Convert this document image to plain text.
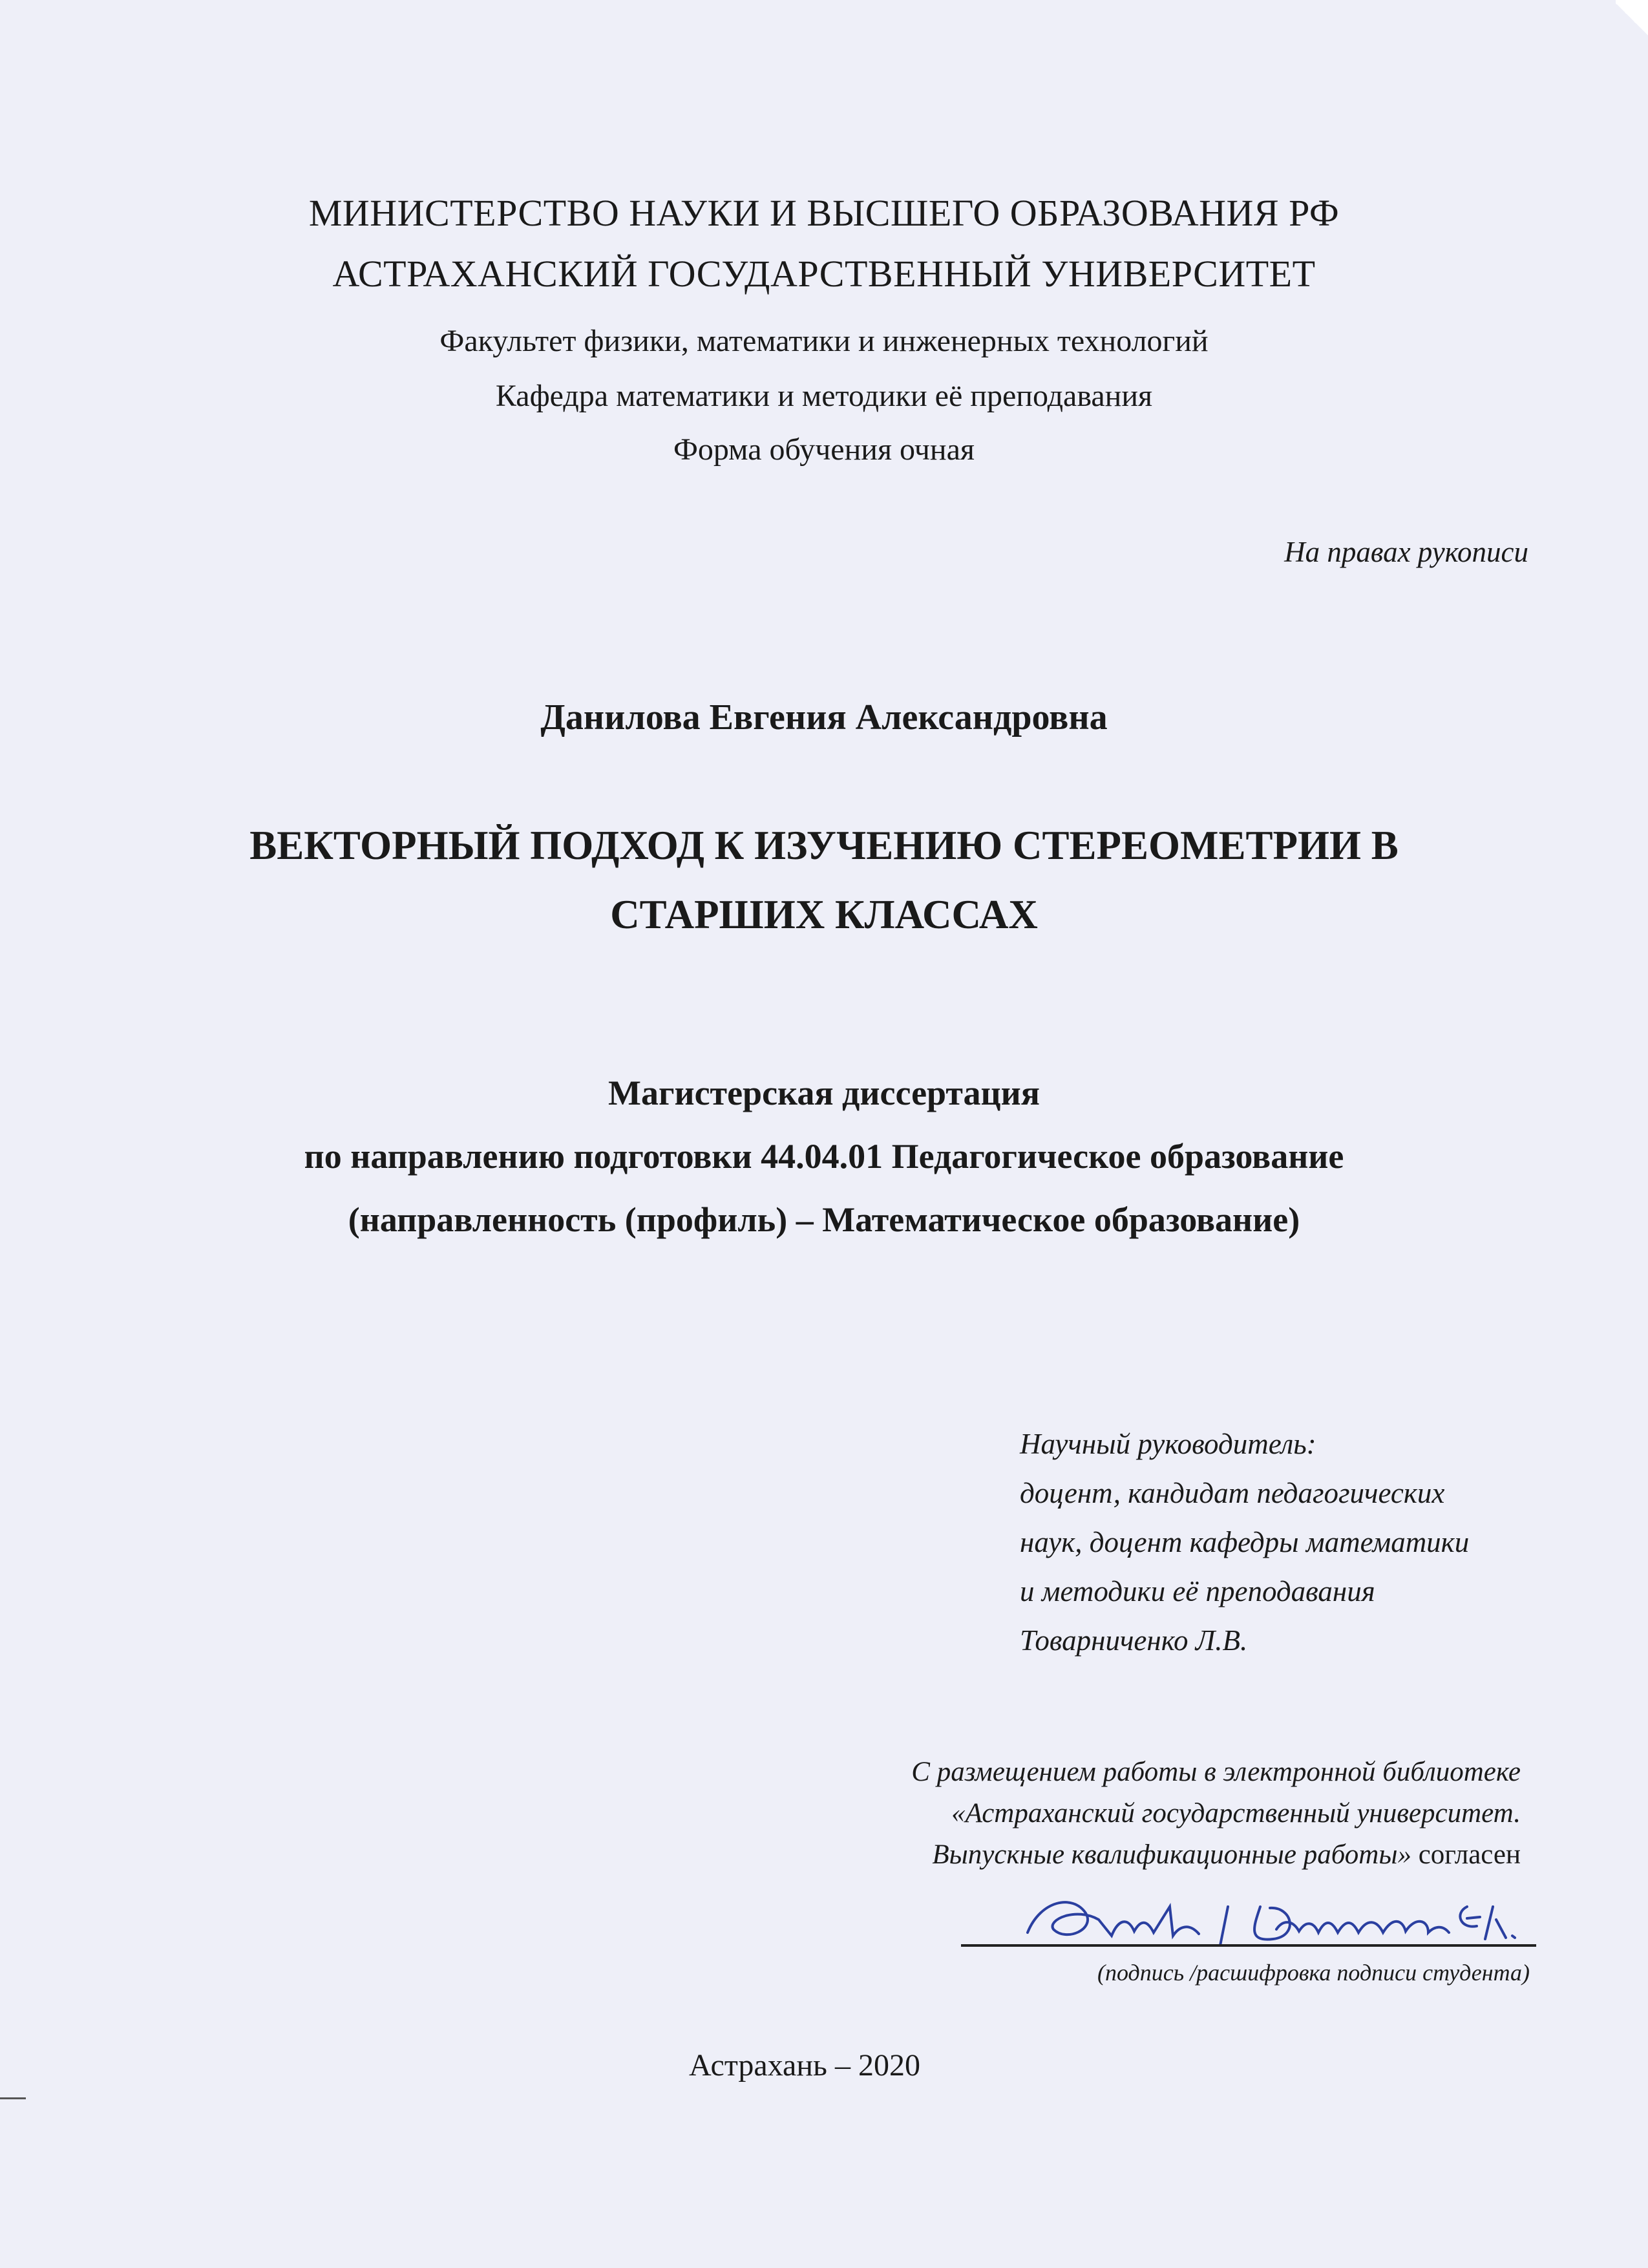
МИНИСТЕРСТВО НАУКИ И ВЫСШЕГО ОБРАЗОВАНИЯ РФ
АСТРАХАНСКИЙ ГОСУДАРСТВЕННЫЙ УНИВЕРСИТЕТ
Факультет физики, математики и инженерных технологий
Кафедра математики и методики её преподавания
Форма обучения очная
На правах рукописи
Данилова Евгения Александровна
ВЕКТОРНЫЙ ПОДХОД К ИЗУЧЕНИЮ СТЕРЕОМЕТРИИ В
СТАРШИХ КЛАССАХ
Магистерская диссертация
по направлению подготовки 44.04.01 Педагогическое образование
(направленность (профиль) – Математическое образование)
Научный руководитель:
доцент, кандидат педагогических
наук, доцент кафедры математики
и методики её преподавания
Товарниченко Л.В.
С размещением работы в электронной библиотеке
«Астраханский государственный университет.
Выпускные квалификационные работы» согласен
(подпись /расшифровка подписи студента)
Астрахань – 2020
